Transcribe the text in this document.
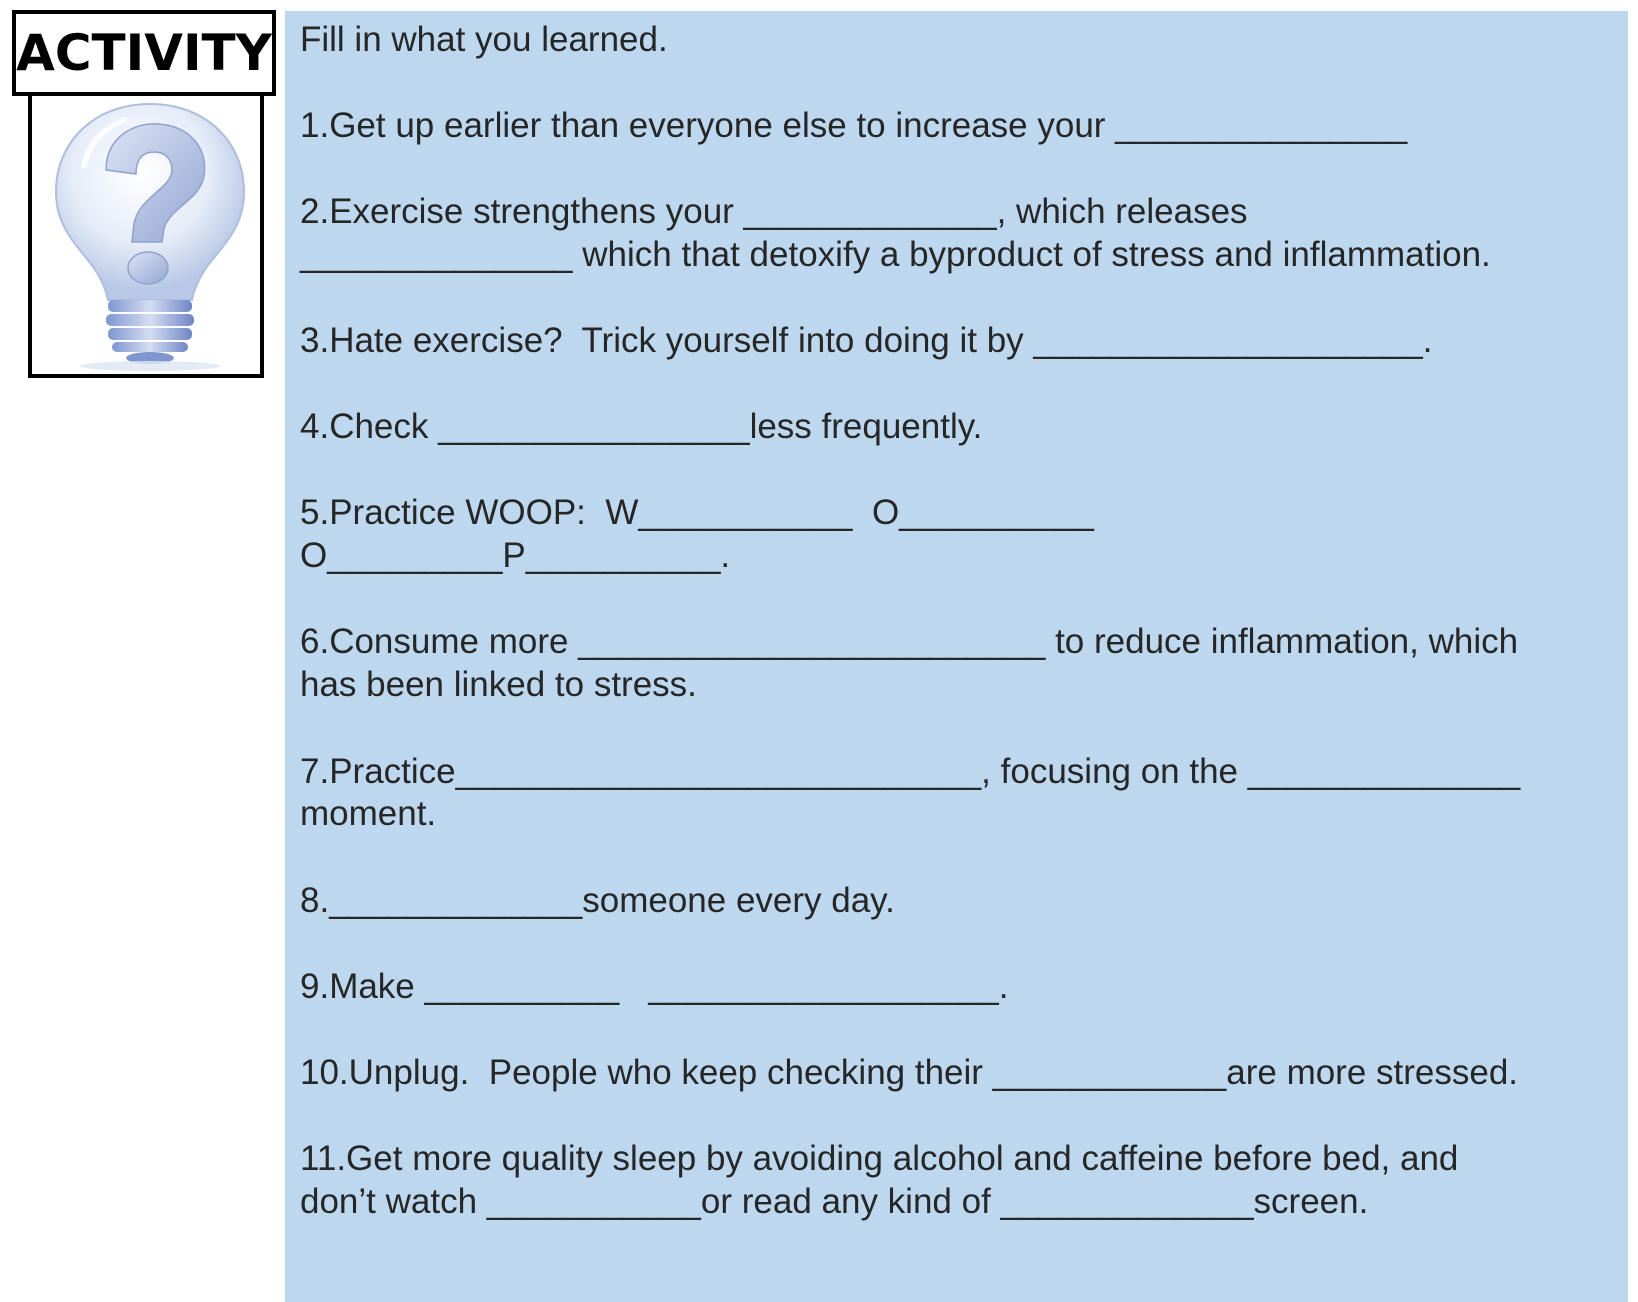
ACTIVITY Fill in what you learned.
1.Get up earlier than everyone else to increase your _______________
2.Exercise strengthens your _____________, which releases
______________ which that detoxify a byproduct of stress and inflammation.
3.Hate exercise?  Trick yourself into doing it by ____________________.
4.Check ________________less frequently.
5.Practice WOOP:  W___________  O__________
O_________P__________.
6.Consume more ________________________ to reduce inflammation, which
has been linked to stress.
7.Practice___________________________, focusing on the ______________
moment.
8._____________someone every day.
9.Make __________   __________________.
10.Unplug.  People who keep checking their ____________are more stressed.
11.Get more quality sleep by avoiding alcohol and caffeine before bed, and
don’t watch ___________or read any kind of _____________screen.
